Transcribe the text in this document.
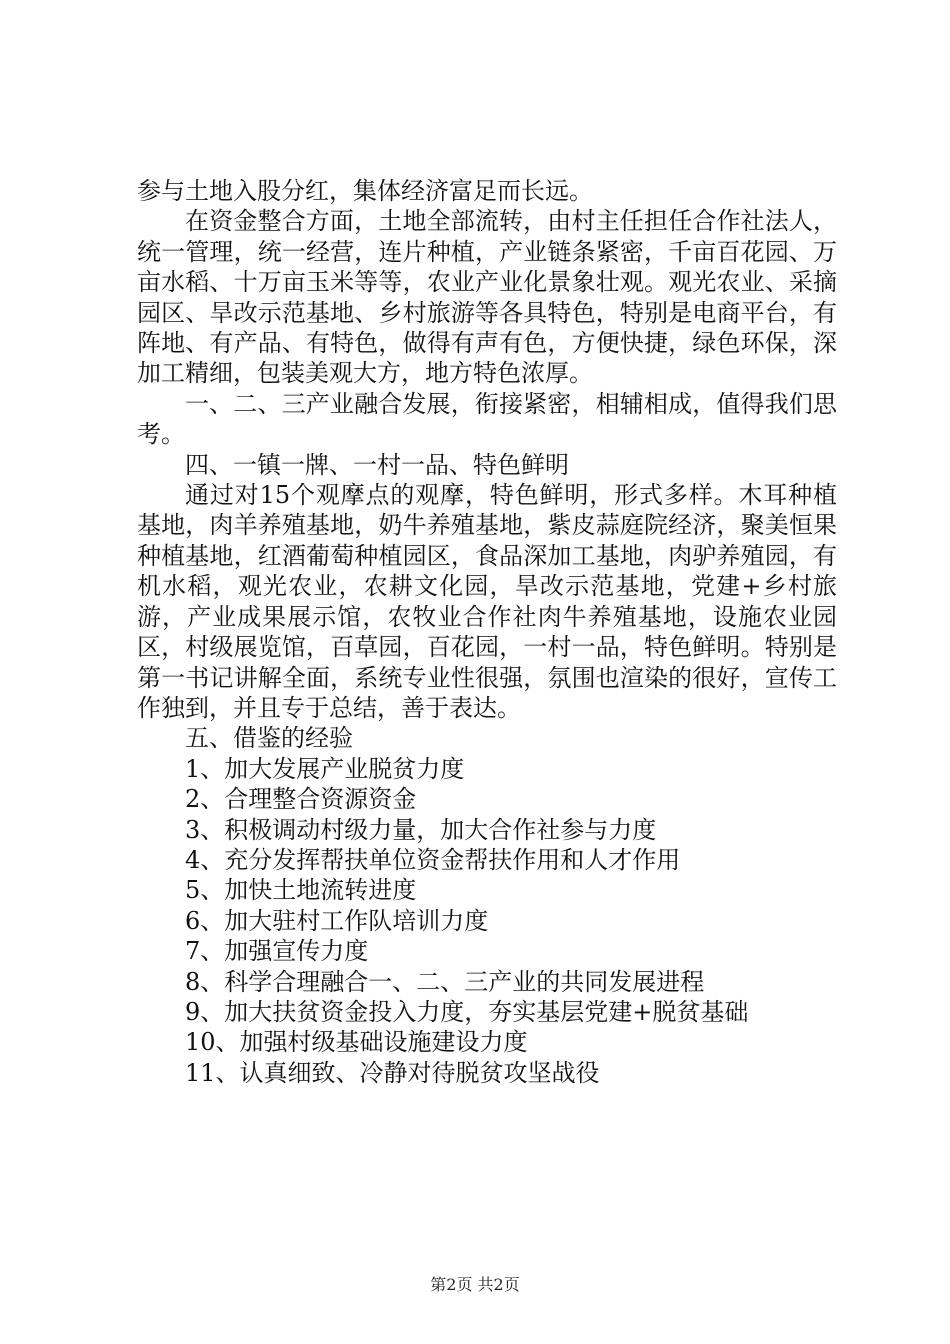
参与土地入股分红，集体经济富足而长远。

在资金整合方面，土地全部流转，由村主任担任合作社法人，统一管理，统一经营，连片种植，产业链条紧密，千亩百花园、万亩水稻、十万亩玉米等等，农业产业化景象壮观。观光农业、采摘园区、旱改示范基地、乡村旅游等各具特色，特别是电商平台，有阵地、有产品、有特色，做得有声有色，方便快捷，绿色环保，深加工精细，包装美观大方，地方特色浓厚。

一、二、三产业融合发展，衔接紧密，相辅相成，值得我们思考。

四、一镇一牌、一村一品、特色鲜明

通过对15个观摩点的观摩，特色鲜明，形式多样。木耳种植基地，肉羊养殖基地，奶牛养殖基地，紫皮蒜庭院经济，聚美恒果种植基地，红酒葡萄种植园区，食品深加工基地，肉驴养殖园，有机水稻，观光农业，农耕文化园，旱改示范基地，党建+乡村旅游，产业成果展示馆，农牧业合作社肉牛养殖基地，设施农业园区，村级展览馆，百草园，百花园，一村一品，特色鲜明。特别是第一书记讲解全面，系统专业性很强，氛围也渲染的很好，宣传工作独到，并且专于总结，善于表达。

五、借鉴的经验

1、加大发展产业脱贫力度

2、合理整合资源资金

3、积极调动村级力量，加大合作社参与力度

4、充分发挥帮扶单位资金帮扶作用和人才作用

5、加快土地流转进度

6、加大驻村工作队培训力度

7、加强宣传力度

8、科学合理融合一、二、三产业的共同发展进程

9、加大扶贫资金投入力度，夯实基层党建+脱贫基础

10、加强村级基础设施建设力度

11、认真细致、冷静对待脱贫攻坚战役

第2页 共2页
